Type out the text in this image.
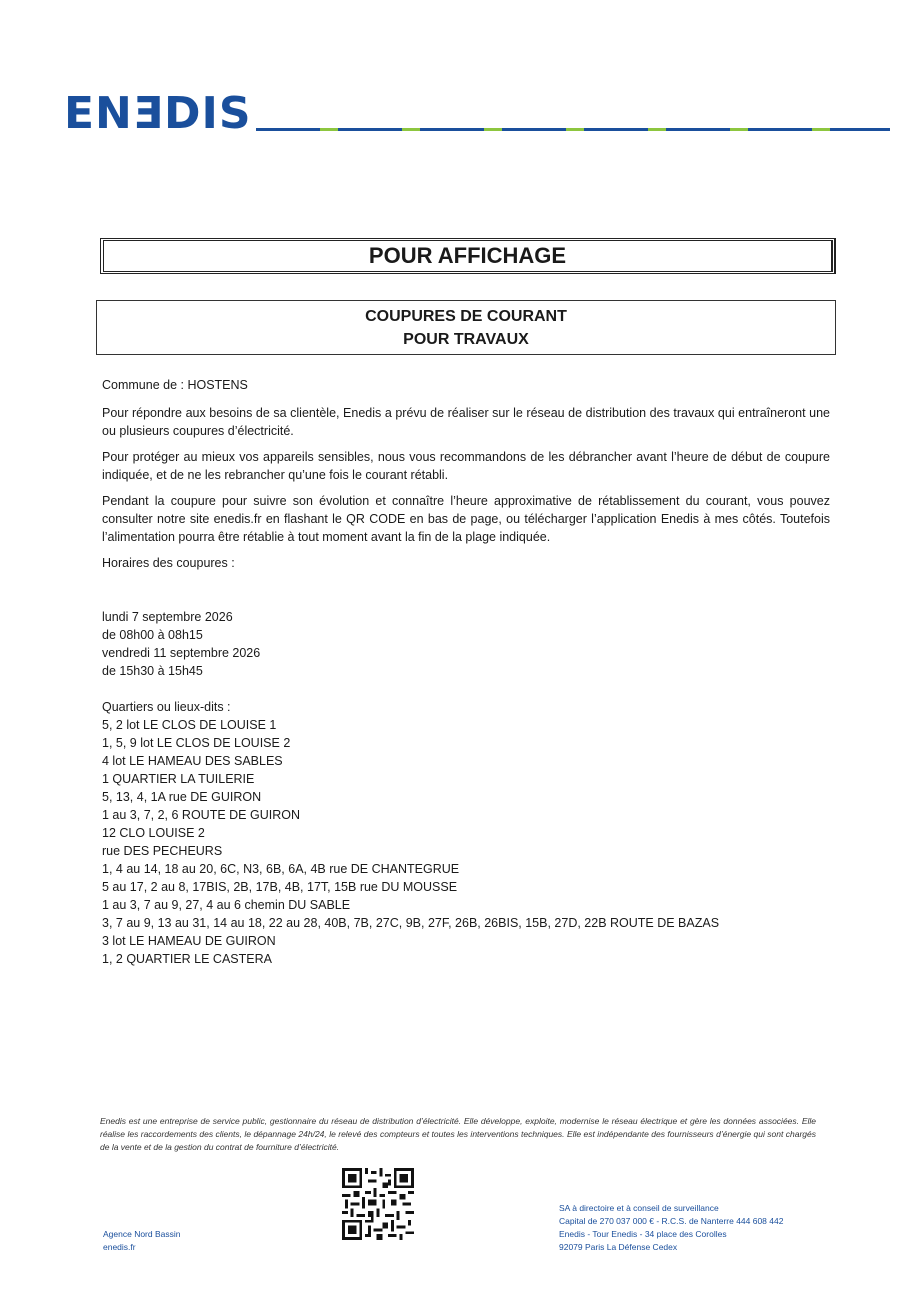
ENƎDIS
POUR AFFICHAGE
COUPURES DE COURANT
POUR TRAVAUX

Commune de : HOSTENS

Pour répondre aux besoins de sa clientèle, Enedis a prévu de réaliser sur le réseau de distribution des travaux qui entraîneront une ou plusieurs coupures d’électricité.

Pour protéger au mieux vos appareils sensibles, nous vous recommandons de les débrancher avant l’heure de début de coupure indiquée, et de ne les rebrancher qu’une fois le courant rétabli.

Pendant la coupure pour suivre son évolution et connaître l’heure approximative de rétablissement du courant, vous pouvez consulter notre site enedis.fr en flashant le QR CODE en bas de page, ou télécharger l’application Enedis à mes côtés. Toutefois l’alimentation pourra être rétablie à tout moment avant la fin de la plage indiquée.

Horaires des coupures :

lundi 7 septembre 2026
de 08h00 à 08h15
vendredi 11 septembre 2026
de 15h30 à 15h45
Quartiers ou lieux-dits :
5, 2 lot LE CLOS DE LOUISE 1
1, 5, 9 lot LE CLOS DE LOUISE 2
4 lot LE HAMEAU DES SABLES
1 QUARTIER LA TUILERIE
5, 13, 4, 1A rue DE GUIRON
1 au 3, 7, 2, 6 ROUTE DE GUIRON
12 CLO LOUISE 2
rue DES PECHEURS
1, 4 au 14, 18 au 20, 6C, N3, 6B, 6A, 4B rue DE CHANTEGRUE
5 au 17, 2 au 8, 17BIS, 2B, 17B, 4B, 17T, 15B rue DU MOUSSE
1 au 3, 7 au 9, 27, 4 au 6 chemin DU SABLE
3, 7 au 9, 13 au 31, 14 au 18, 22 au 28, 40B, 7B, 27C, 9B, 27F, 26B, 26BIS, 15B, 27D, 22B ROUTE DE BAZAS
3 lot LE HAMEAU DE GUIRON
1, 2 QUARTIER LE CASTERA

Enedis est une entreprise de service public, gestionnaire du réseau de distribution d’électricité. Elle développe, exploite, modernise le réseau électrique et gère les données associées. Elle réalise les raccordements des clients, le dépannage 24h/24, le relevé des compteurs et toutes les interventions techniques. Elle est indépendante des fournisseurs d’énergie qui sont chargés de la vente et de la gestion du contrat de fourniture d’électricité.

Agence Nord Bassin
enedis.fr
SA à directoire et à conseil de surveillance
Capital de 270 037 000 € - R.C.S. de Nanterre 444 608 442
Enedis - Tour Enedis - 34 place des Corolles
92079 Paris La Défense Cedex
